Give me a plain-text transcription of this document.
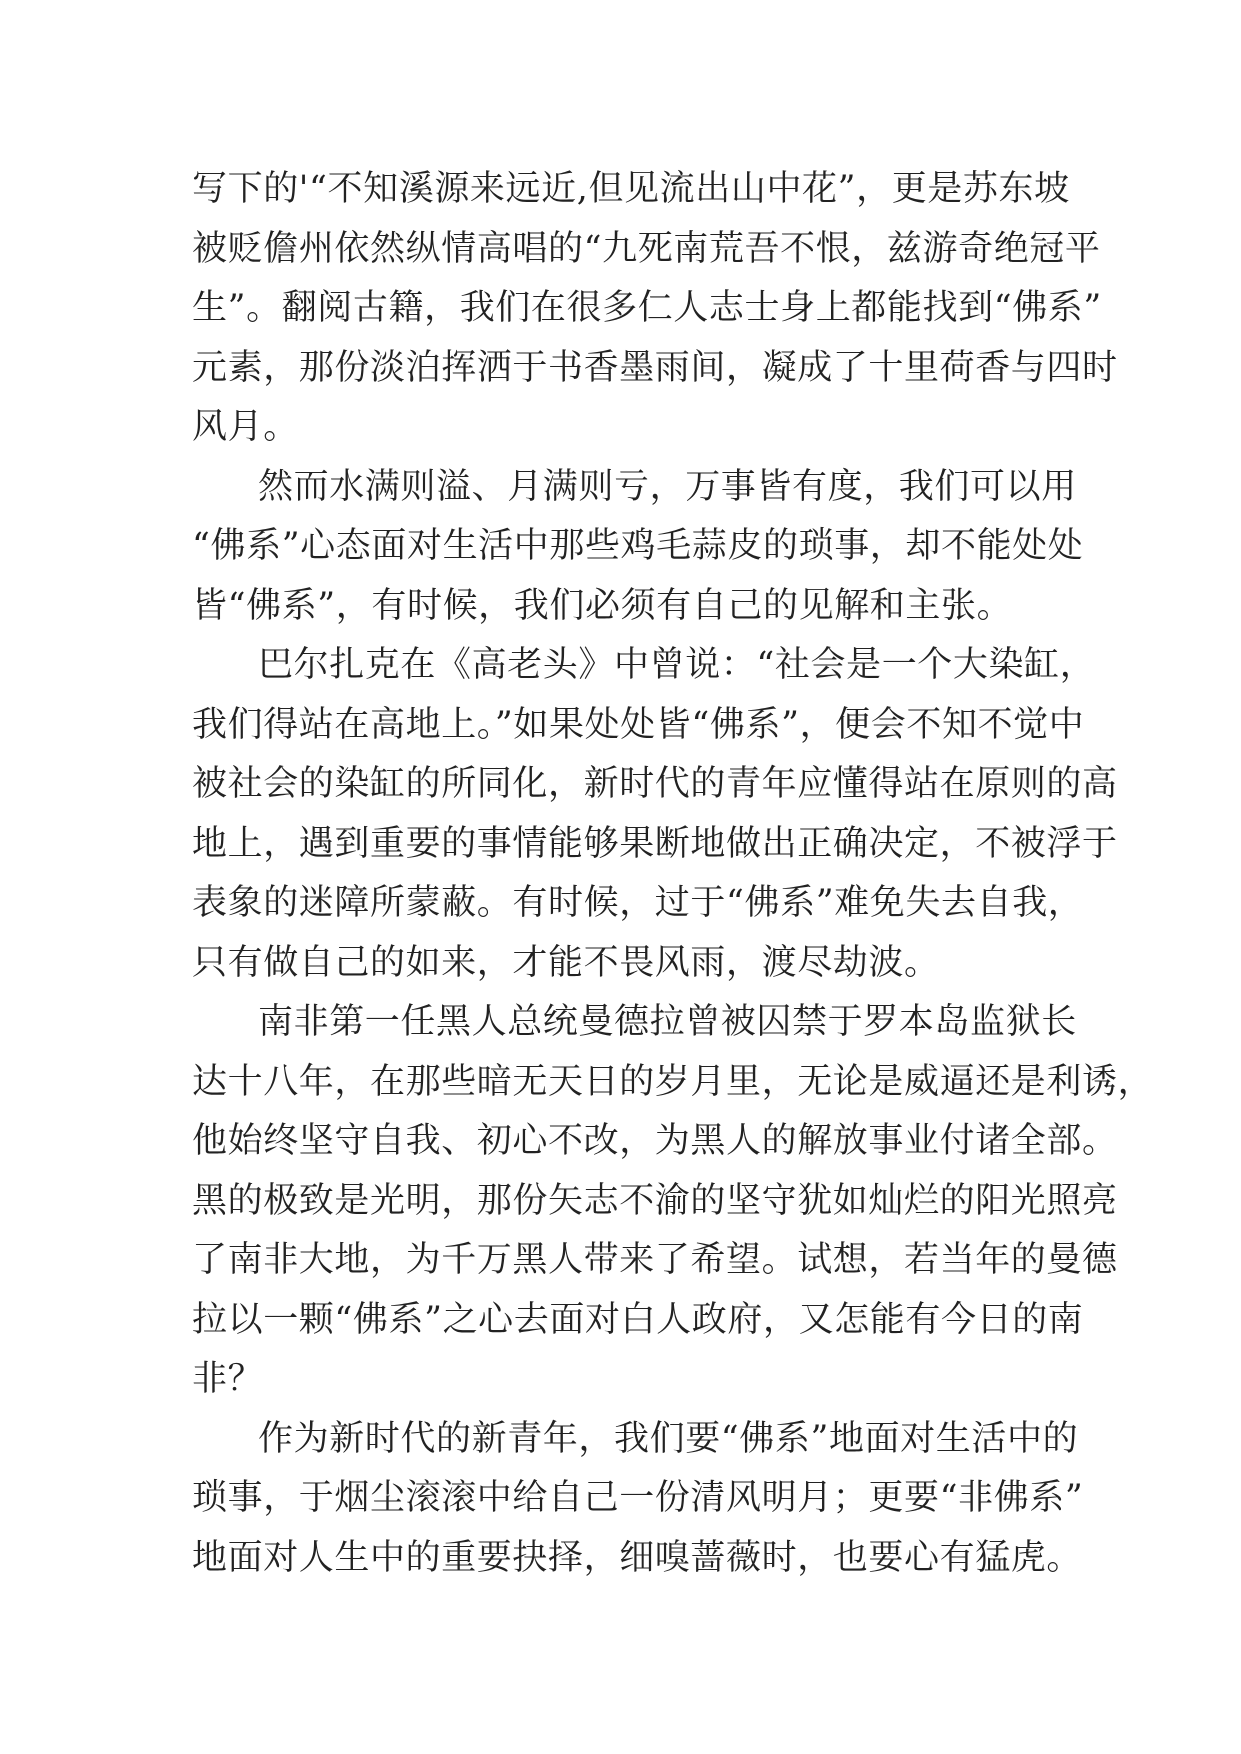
写下的'“不知溪源来远近,但见流出山中花”，更是苏东坡
被贬儋州依然纵情高唱的“九死南荒吾不恨，兹游奇绝冠平
生”。翻阅古籍，我们在很多仁人志士身上都能找到“佛系”
元素，那份淡泊挥洒于书香墨雨间，凝成了十里荷香与四时
风月。
然而水满则溢、月满则亏，万事皆有度，我们可以用
“佛系”心态面对生活中那些鸡毛蒜皮的琐事，却不能处处
皆“佛系”，有时候，我们必须有自己的见解和主张。
巴尔扎克在《高老头》中曾说：“社会是一个大染缸，
我们得站在高地上。”如果处处皆“佛系”，便会不知不觉中
被社会的染缸的所同化，新时代的青年应懂得站在原则的高
地上，遇到重要的事情能够果断地做出正确决定，不被浮于
表象的迷障所蒙蔽。有时候，过于“佛系”难免失去自我，
只有做自己的如来，才能不畏风雨，渡尽劫波。
南非第一任黑人总统曼德拉曾被囚禁于罗本岛监狱长
达十八年，在那些暗无天日的岁月里，无论是威逼还是利诱，
他始终坚守自我、初心不改，为黑人的解放事业付诸全部。
黑的极致是光明，那份矢志不渝的坚守犹如灿烂的阳光照亮
了南非大地，为千万黑人带来了希望。试想，若当年的曼德
拉以一颗“佛系”之心去面对白人政府，又怎能有今日的南
非？
作为新时代的新青年，我们要“佛系”地面对生活中的
琐事，于烟尘滚滚中给自己一份清风明月；更要“非佛系”
地面对人生中的重要抉择，细嗅蔷薇时，也要心有猛虎。
